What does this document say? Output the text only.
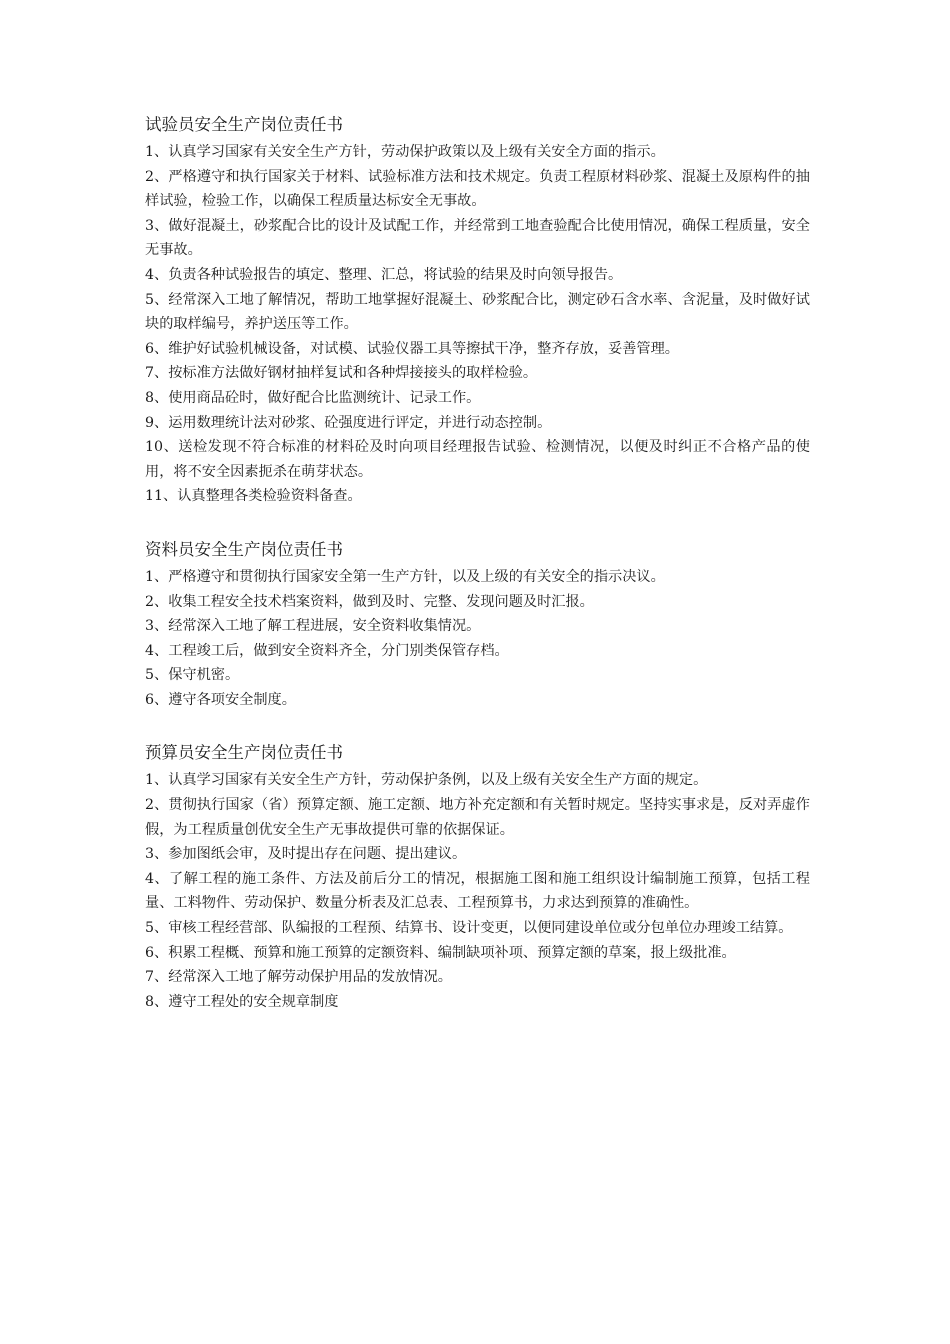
试验员安全生产岗位责任书

1、认真学习国家有关安全生产方针，劳动保护政策以及上级有关安全方面的指示。

2、严格遵守和执行国家关于材料、试验标准方法和技术规定。负责工程原材料砂浆、混凝土及原构件的抽样试验，检验工作，以确保工程质量达标安全无事故。

3、做好混凝土，砂浆配合比的设计及试配工作，并经常到工地查验配合比使用情况，确保工程质量，安全无事故。

4、负责各种试验报告的填定、整理、汇总，将试验的结果及时向领导报告。

5、经常深入工地了解情况，帮助工地掌握好混凝土、砂浆配合比，测定砂石含水率、含泥量，及时做好试块的取样编号，养护送压等工作。

6、维护好试验机械设备，对试模、试验仪器工具等擦拭干净，整齐存放，妥善管理。

7、按标准方法做好钢材抽样复试和各种焊接接头的取样检验。

8、使用商品砼时，做好配合比监测统计、记录工作。

9、运用数理统计法对砂浆、砼强度进行评定，并进行动态控制。

10、送检发现不符合标准的材料砼及时向项目经理报告试验、检测情况，以便及时纠正不合格产品的使用，将不安全因素扼杀在萌芽状态。

11、认真整理各类检验资料备查。

资料员安全生产岗位责任书

1、严格遵守和贯彻执行国家安全第一生产方针，以及上级的有关安全的指示决议。

2、收集工程安全技术档案资料，做到及时、完整、发现问题及时汇报。

3、经常深入工地了解工程进展，安全资料收集情况。

4、工程竣工后，做到安全资料齐全，分门别类保管存档。

5、保守机密。

6、遵守各项安全制度。

预算员安全生产岗位责任书

1、认真学习国家有关安全生产方针，劳动保护条例，以及上级有关安全生产方面的规定。

2、贯彻执行国家（省）预算定额、施工定额、地方补充定额和有关暂时规定。坚持实事求是，反对弄虚作假，为工程质量创优安全生产无事故提供可靠的依据保证。

3、参加图纸会审，及时提出存在问题、提出建议。

4、了解工程的施工条件、方法及前后分工的情况，根据施工图和施工组织设计编制施工预算，包括工程量、工料物件、劳动保护、数量分析表及汇总表、工程预算书，力求达到预算的准确性。

5、审核工程经营部、队编报的工程预、结算书、设计变更，以便同建设单位或分包单位办理竣工结算。

6、积累工程概、预算和施工预算的定额资料、编制缺项补项、预算定额的草案，报上级批准。

7、经常深入工地了解劳动保护用品的发放情况。

8、遵守工程处的安全规章制度
